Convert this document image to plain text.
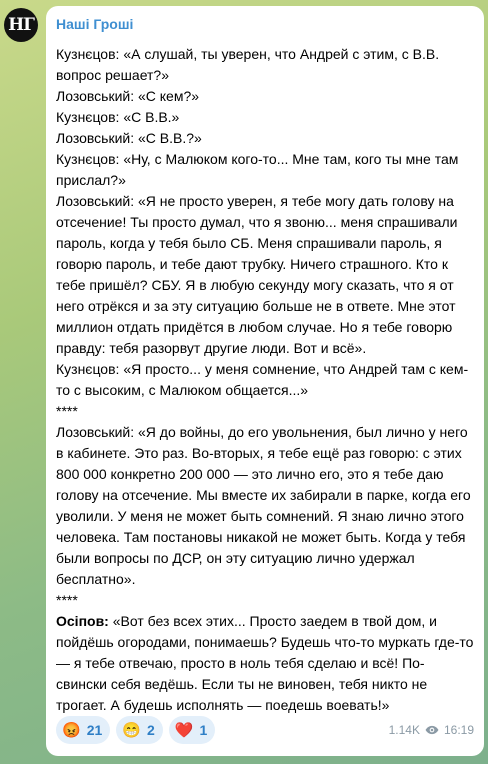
НГ Наші Гроші
Кузнєцов: «А слушай, ты уверен, что Андрей с этим, с В.В. вопрос решает?»
Лозовський: «С кем?»
Кузнєцов: «С В.В.»
Лозовський: «С В.В.?»
Кузнєцов: «Ну, с Малюком кого-то... Мне там, кого ты мне там прислал?»
Лозовський: «Я не просто уверен, я тебе могу дать голову на отсечение! Ты просто думал, что я звоню... меня спрашивали пароль, когда у тебя было СБ. Меня спрашивали пароль, я говорю пароль, и тебе дают трубку. Ничего страшного. Кто к тебе пришёл? СБУ. Я в любую секунду могу сказать, что я от него отрёкся и за эту ситуацию больше не в ответе. Мне этот миллион отдать придётся в любом случае. Но я тебе говорю правду: тебя разорвут другие люди. Вот и всё».
Кузнєцов: «Я просто... у меня сомнение, что Андрей там с кем-то с высоким, с Малюком общается...»
****
Лозовський: «Я до войны, до его увольнения, был лично у него в кабинете. Это раз. Во-вторых, я тебе ещё раз говорю: с этих 800 000 конкретно 200 000 — это лично его, это я тебе даю голову на отсечение. Мы вместе их забирали в парке, когда его уволили. У меня не может быть сомнений. Я знаю лично этого человека. Там постановы никакой не может быть. Когда у тебя были вопросы по ДСР, он эту ситуацию лично удержал бесплатно».
****
Осіпов: «Вот без всех этих... Просто заедем в твой дом, и пойдёшь огородами, понимаешь? Будешь что-то муркать где-то — я тебе отвечаю, просто в ноль тебя сделаю и всё! По-свински себя ведёшь. Если ты не виновен, тебя никто не трогает. А будешь исполнять — поедешь воевать!»
😡 21 😁 2 ❤️ 1	1.14K 16:19
